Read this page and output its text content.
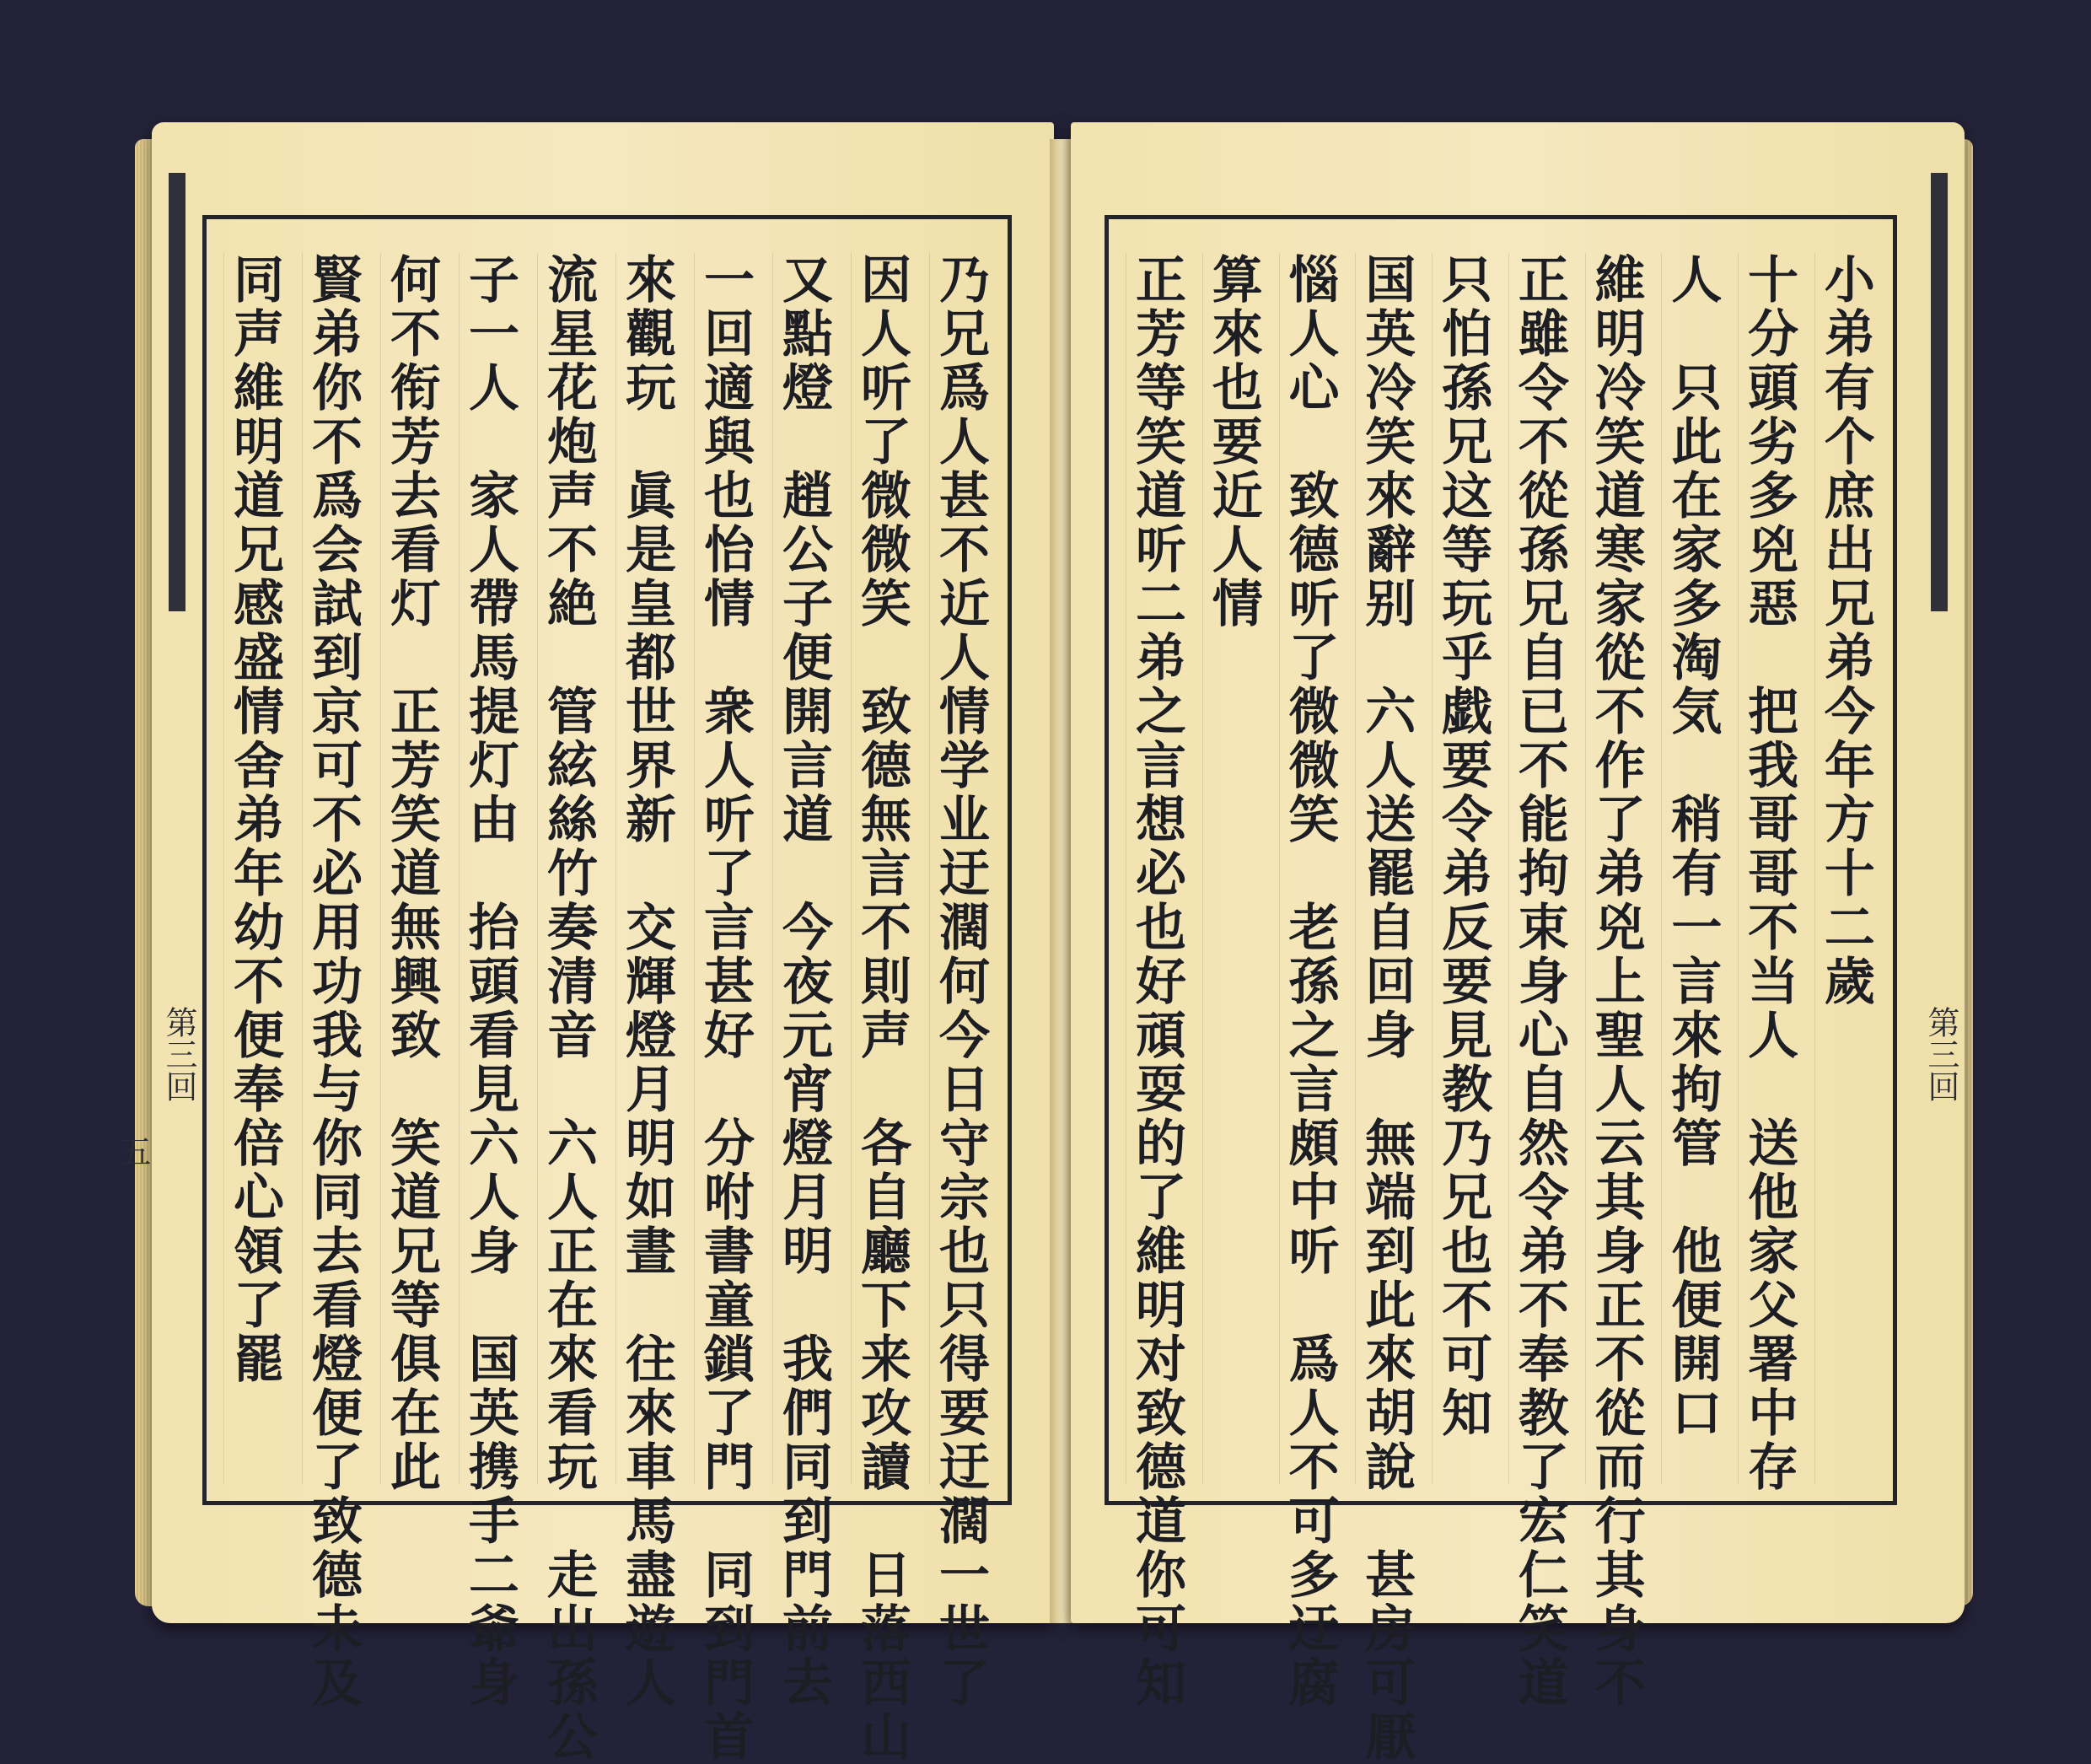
第三回
五	乃兄爲人甚不近人情学业迂濶何今日守宗也只得要迂濶一世了
因人听了微微笑　致德無言不則声　各自廳下来攻讀　日落西山
又點燈　趙公子便開言道　今夜元宵燈月明　我們同到門前去
一回適與也怡情　衆人听了言甚好　分咐書童鎖了門　同到門首
來觀玩　眞是皇都世界新　交輝燈月明如晝　往來車馬盡遊人
流星花炮声不絶　管絃絲竹奏清音　六人正在來看玩　走出孫公
子一人　家人帶馬提灯由　抬頭看見六人身　国英携手二爺身
何不衔芳去看灯　正芳笑道無興致　笑道兄等俱在此
賢弟你不爲会試到京可不必用功我与你同去看燈便了致德未及
同声維明道兄感盛情舍弟年幼不便奉倍心領了罷	第三回
小弟有个庶出兄弟今年方十二歲
十分頭劣多兇惡　把我哥哥不当人　送他家父署中存
人　只此在家多淘気　稍有一言來拘管　他便開口
維明冷笑道寒家從不作了弟兇上聖人云其身正不從而行其身不
正雖令不從孫兄自已不能拘束身心自然令弟不奉教了宏仁笑道
只怕孫兄这等玩乎戯要令弟反要見教乃兄也不可知
国英冷笑來辭别　六人送罷自回身　無端到此來胡說　甚房可厭
惱人心　致德听了微微笑　老孫之言頗中听　爲人不可多迂腐
算來也要近人情
正芳等笑道听二弟之言想必也好頑耍的了維明对致德道你可知
